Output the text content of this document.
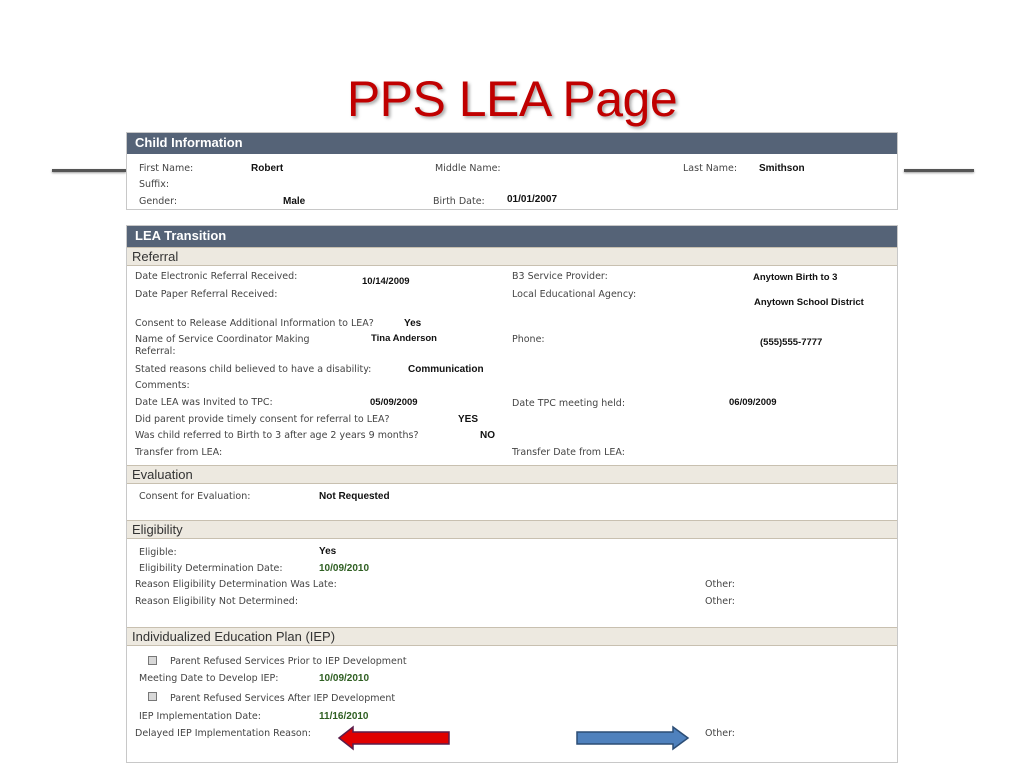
PPS LEA Page
Child Information
First Name:	Robert	Middle Name:	Last Name: Smithson
Suffix:
Gender:	Male	Birth Date: 01/01/2007
LEA Transition
Referral
Date Electronic Referral Received:	10/14/2009	B3 Service Provider:	Anytown Birth to 3
Date Paper Referral Received:	Local Educational Agency:
Anytown School District
Consent to Release Additional Information to LEA?	Yes
Name of Service Coordinator Making
Referral:
Tina Anderson	Phone:	(555)555-7777
Stated reasons child believed to have a disability:	Communication
Comments:
Date LEA was Invited to TPC:	05/09/2009	Date TPC meeting held:	06/09/2009
Did parent provide timely consent for referral to LEA?	YES
Was child referred to Birth to 3 after age 2 years 9 months?	NO
Transfer from LEA:	Transfer Date from LEA:
Evaluation
Consent for Evaluation:	Not Requested
Eligibility
Eligible:	Yes
Eligibility Determination Date:	10/09/2010
Reason Eligibility Determination Was Late:	Other:
Reason Eligibility Not Determined:	Other:
Individualized Education Plan (IEP)
Parent Refused Services Prior to IEP Development
Meeting Date to Develop IEP:	10/09/2010
Parent Refused Services After IEP Development
IEP Implementation Date:	11/16/2010
Delayed IEP Implementation Reason:	Other:
